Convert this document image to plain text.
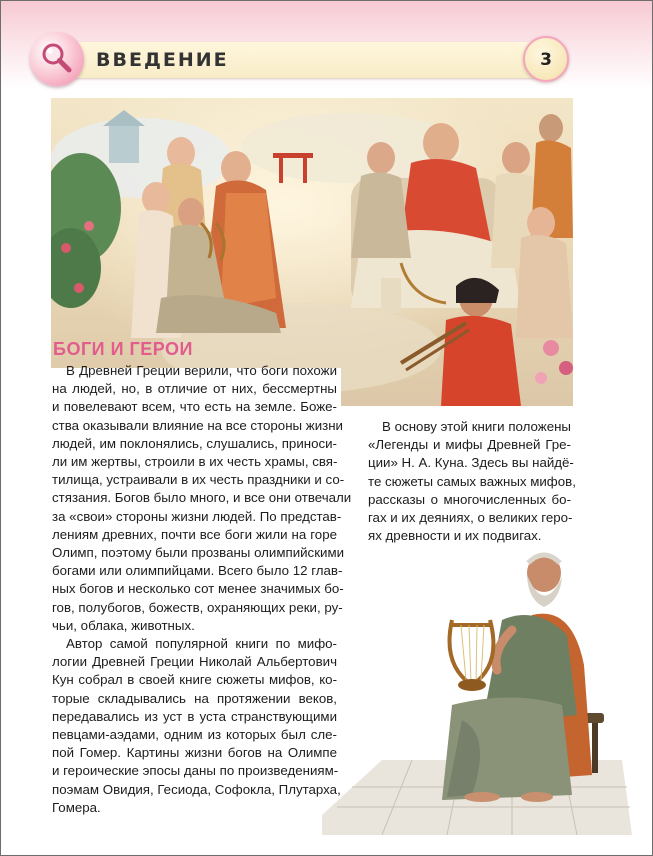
ВВЕДЕНИЕ	3
БОГИ И ГЕРОИ
В Древней Греции верили, что боги похожи
на людей, но, в отличие от них, бессмертны
и повелевают всем, что есть на земле. Боже-
ства оказывали влияние на все стороны жизни
людей, им поклонялись, слушались, приноси-
ли им жертвы, строили в их честь храмы, свя-
тилища, устраивали в их честь праздники и со-
стязания. Богов было много, и все они отвечали
за «свои» стороны жизни людей. По представ-
лениям древних, почти все боги жили на горе
Олимп, поэтому были прозваны олимпийскими
богами или олимпийцами. Всего было 12 глав-
ных богов и несколько сот менее значимых бо-
гов, полубогов, божеств, охраняющих реки, ру-
чьи, облака, животных.
Автор самой популярной книги по мифо-
логии Древней Греции Николай Альбертович
Кун собрал в своей книге сюжеты мифов, ко-
торые складывались на протяжении веков,
передавались из уст в уста странствующими
певцами-аэдами, одним из которых был сле-
пой Гомер. Картины жизни богов на Олимпе
и героические эпосы даны по произведениям-
поэмам Овидия, Гесиода, Софокла, Плутарха,
Гомера.
В основу этой книги положены
«Легенды и мифы Древней Гре-
ции» Н. А. Куна. Здесь вы найдё-
те сюжеты самых важных мифов,
рассказы о многочисленных бо-
гах и их деяниях, о великих геро-
ях древности и их подвигах.
